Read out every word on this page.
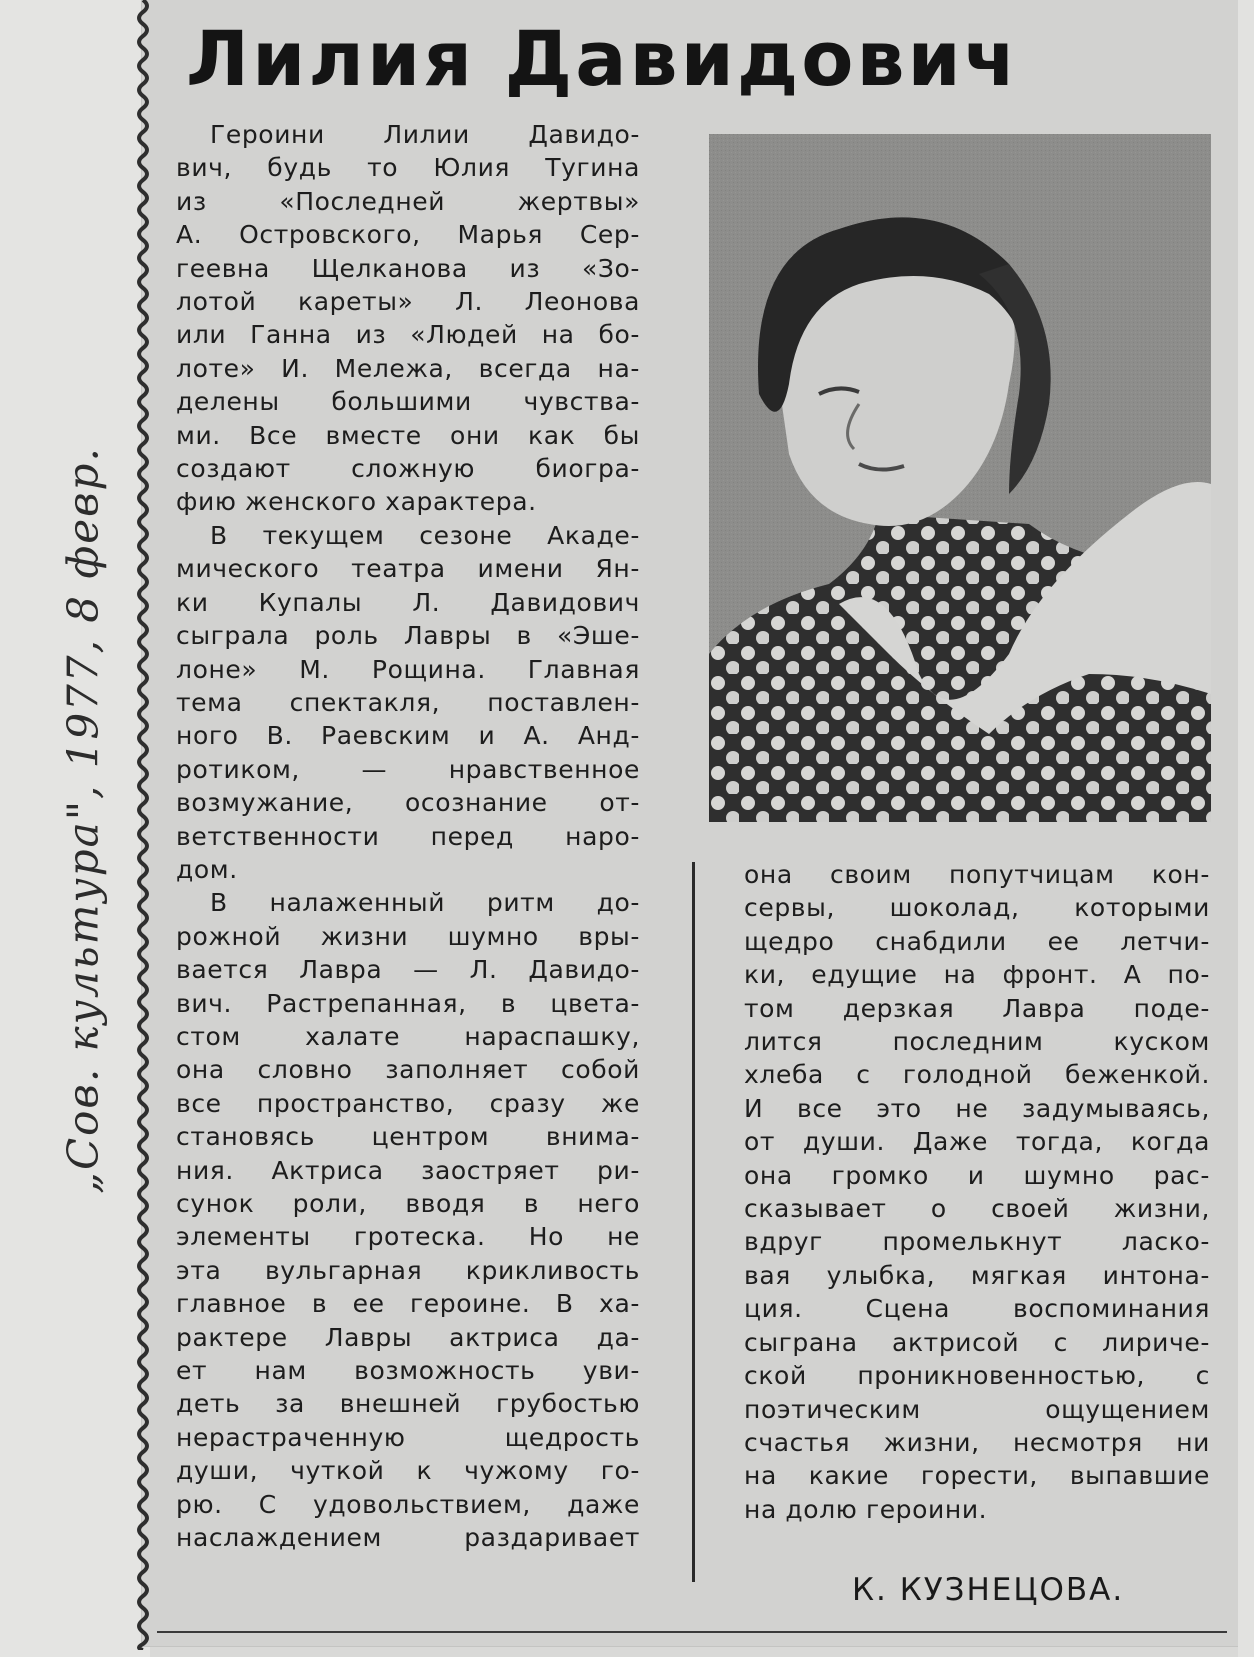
„Сов. культура", 1977, 8 февр.
Лилия Давидович

Героини Лилии Давидо-

вич, будь то Юлия Тугина

из «Последней жертвы»

А. Островского, Марья Сер-

геевна Щелканова из «Зо-

лотой кареты» Л. Леонова

или Ганна из «Людей на бо-

лоте» И. Мележа, всегда на-

делены большими чувства-

ми. Все вместе они как бы

создают сложную биогра-

фию женского характера.

В текущем сезоне Акаде-

мического театра имени Ян-

ки Купалы Л. Давидович

сыграла роль Лавры в «Эше-

лоне» М. Рощина. Главная

тема спектакля, поставлен-

ного В. Раевским и А. Анд-

ротиком, — нравственное

возмужание, осознание от-

ветственности перед наро-

дом.

В налаженный ритм до-

рожной жизни шумно вры-

вается Лавра — Л. Давидо-

вич. Растрепанная, в цвета-

стом халате нараспашку,

она словно заполняет собой

все пространство, сразу же

становясь центром внима-

ния. Актриса заостряет ри-

сунок роли, вводя в него

элементы гротеска. Но не

эта вульгарная крикливость

главное в ее героине. В ха-

рактере Лавры актриса да-

ет нам возможность уви-

деть за внешней грубостью

нерастраченную щедрость

души, чуткой к чужому го-

рю. С удовольствием, даже

наслаждением раздаривает

она своим попутчицам кон-

сервы, шоколад, которыми

щедро снабдили ее летчи-

ки, едущие на фронт. А по-

том дерзкая Лавра поде-

лится последним куском

хлеба с голодной беженкой.

И все это не задумываясь,

от души. Даже тогда, когда

она громко и шумно рас-

сказывает о своей жизни,

вдруг промелькнут ласко-

вая улыбка, мягкая интона-

ция. Сцена воспоминания

сыграна актрисой с лириче-

ской проникновенностью, с

поэтическим ощущением

счастья жизни, несмотря ни

на какие горести, выпавшие

на долю героини.

К. КУЗНЕЦОВА.
